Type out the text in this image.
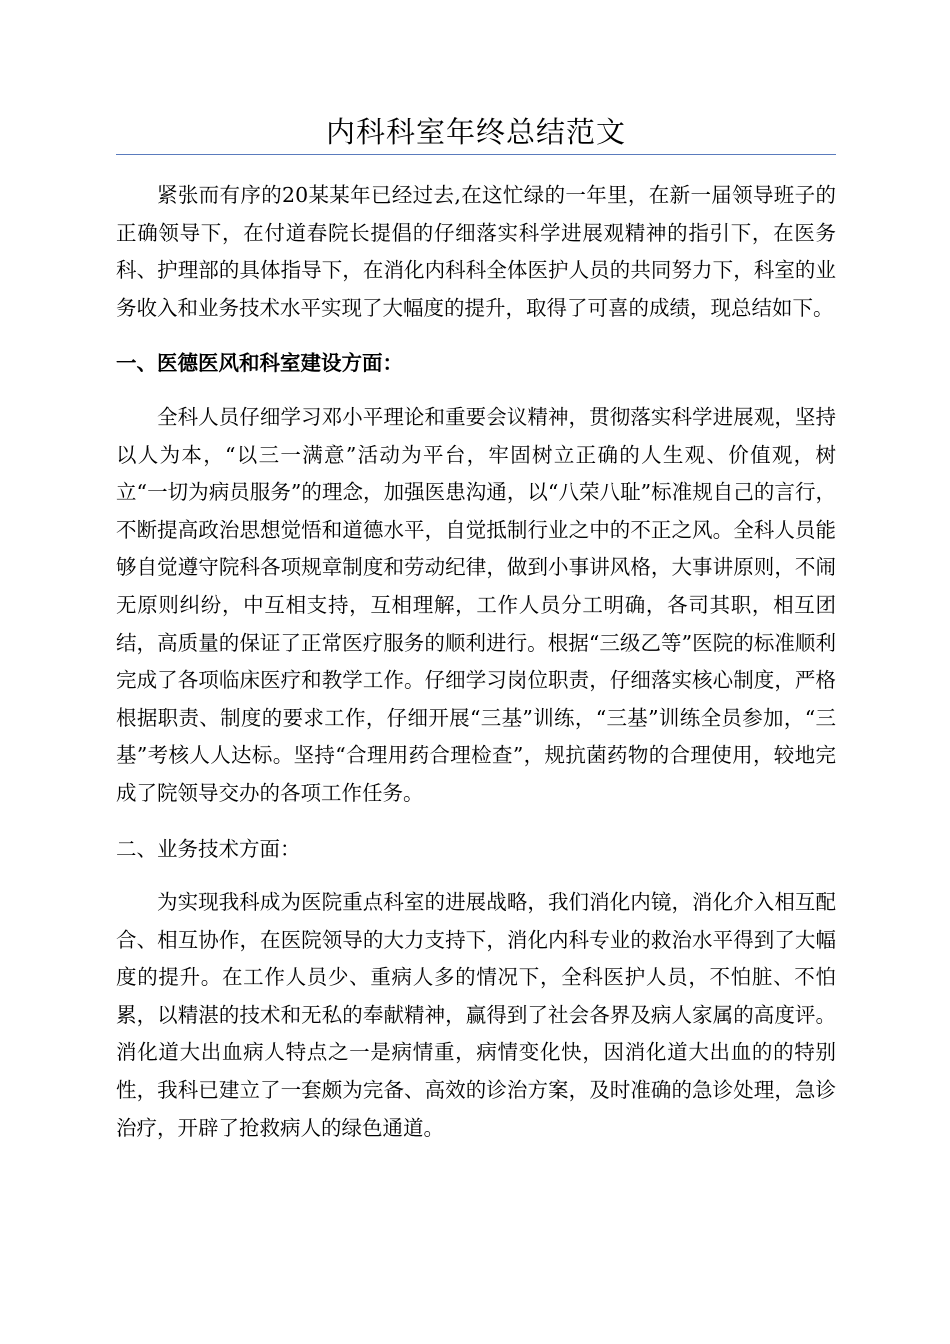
内科科室年终总结范文

紧张而有序的20某某年已经过去,在这忙绿的一年里，在新一届领导班子的正确领导下，在付道春院长提倡的仔细落实科学进展观精神的指引下，在医务科、护理部的具体指导下，在消化内科科全体医护人员的共同努力下，科室的业务收入和业务技术水平实现了大幅度的提升，取得了可喜的成绩，现总结如下。

一、医德医风和科室建设方面：

全科人员仔细学习邓小平理论和重要会议精神，贯彻落实科学进展观，坚持以人为本，“以三一满意”活动为平台，牢固树立正确的人生观、价值观，树立“一切为病员服务”的理念，加强医患沟通，以“八荣八耻”标准规自己的言行，不断提高政治思想觉悟和道德水平，自觉抵制行业之中的不正之风。全科人员能够自觉遵守院科各项规章制度和劳动纪律，做到小事讲风格，大事讲原则，不闹无原则纠纷，中互相支持，互相理解，工作人员分工明确，各司其职，相互团结，高质量的保证了正常医疗服务的顺利进行。根据“三级乙等”医院的标准顺利完成了各项临床医疗和教学工作。仔细学习岗位职责，仔细落实核心制度，严格根据职责、制度的要求工作，仔细开展“三基”训练，“三基”训练全员参加，“三基”考核人人达标。坚持“合理用药合理检查”，规抗菌药物的合理使用，较地完成了院领导交办的各项工作任务。

二、业务技术方面：

为实现我科成为医院重点科室的进展战略，我们消化内镜，消化介入相互配合、相互协作，在医院领导的大力支持下，消化内科专业的救治水平得到了大幅度的提升。在工作人员少、重病人多的情况下，全科医护人员，不怕脏、不怕累，以精湛的技术和无私的奉献精神，赢得到了社会各界及病人家属的高度评。消化道大出血病人特点之一是病情重，病情变化快，因消化道大出血的的特别性，我科已建立了一套颇为完备、高效的诊治方案，及时准确的急诊处理，急诊治疗，开辟了抢救病人的绿色通道。
